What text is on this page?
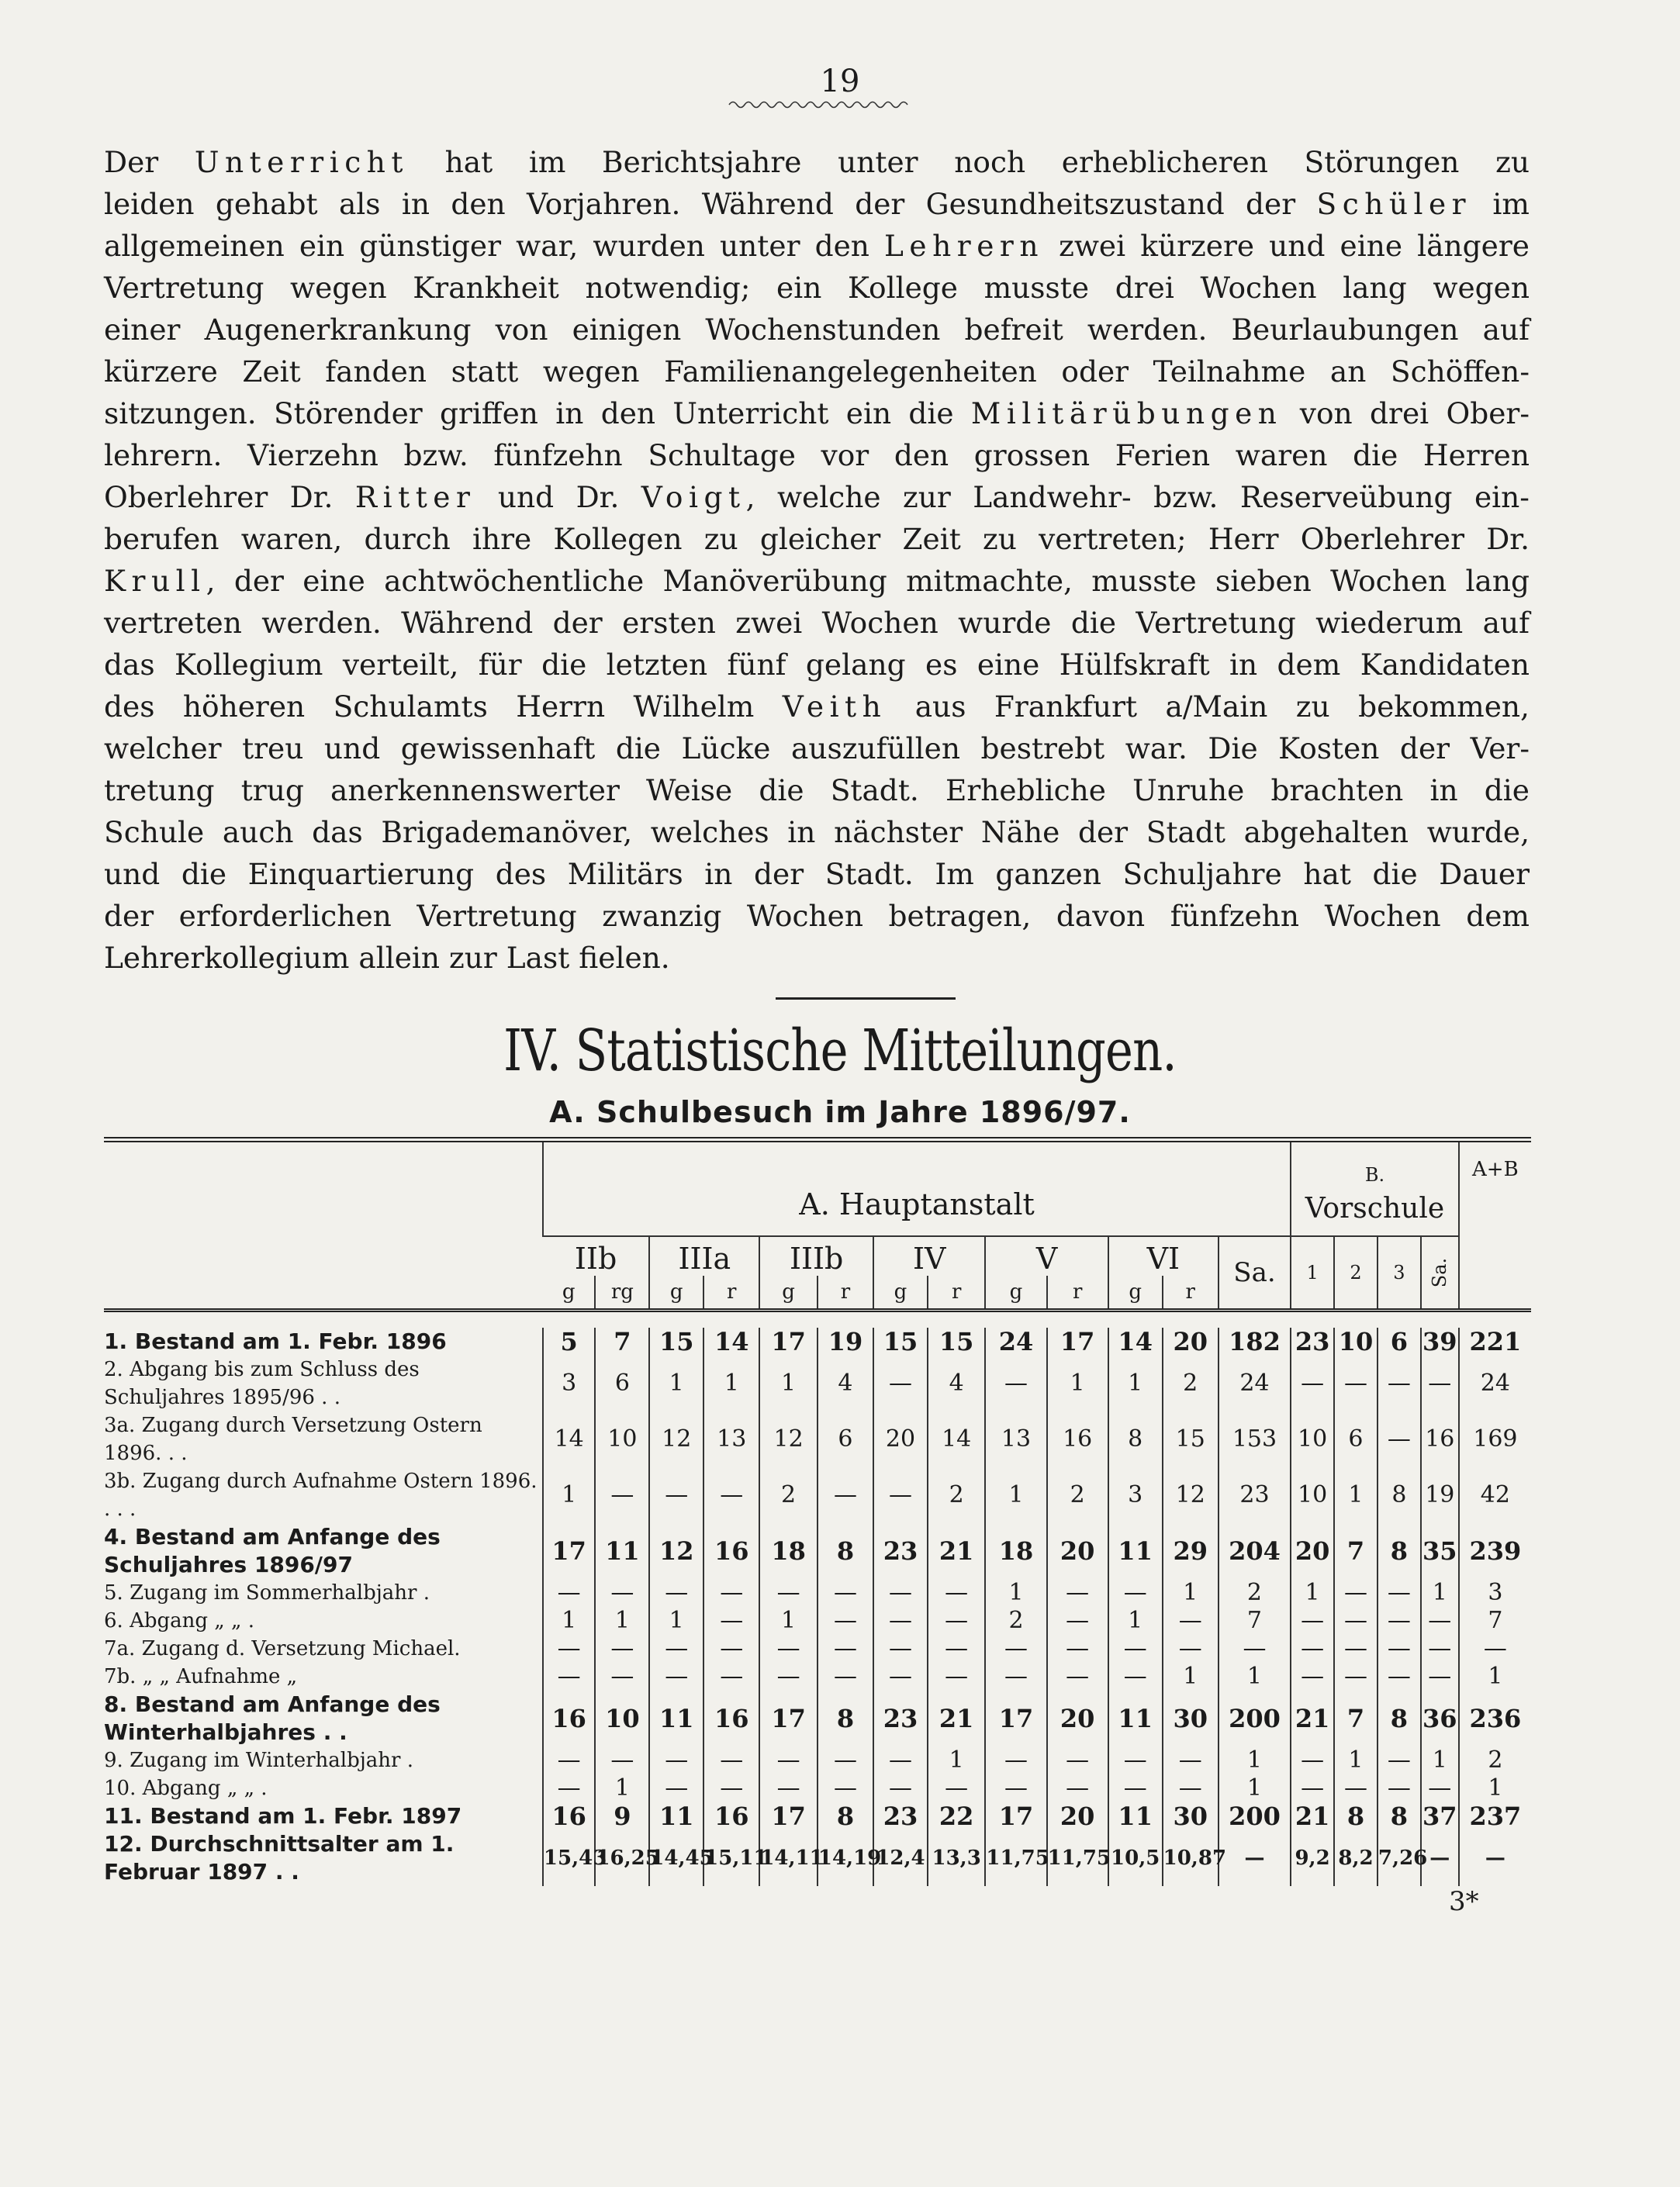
19
Der Unterricht hat im Berichtsjahre unter noch erheblicheren Störungen zu
leiden gehabt als in den Vorjahren. Während der Gesundheitszustand der Schüler im
allgemeinen ein günstiger war, wurden unter den Lehrern zwei kürzere und eine längere
Vertretung wegen Krankheit notwendig; ein Kollege musste drei Wochen lang wegen
einer Augenerkrankung von einigen Wochenstunden befreit werden. Beurlaubungen auf
kürzere Zeit fanden statt wegen Familienangelegenheiten oder Teilnahme an Schöffen-
sitzungen. Störender griffen in den Unterricht ein die Militärübungen von drei Ober-
lehrern. Vierzehn bzw. fünfzehn Schultage vor den grossen Ferien waren die Herren
Oberlehrer Dr. Ritter und Dr. Voigt, welche zur Landwehr- bzw. Reserveübung ein-
berufen waren, durch ihre Kollegen zu gleicher Zeit zu vertreten; Herr Oberlehrer Dr.
Krull, der eine achtwöchentliche Manöverübung mitmachte, musste sieben Wochen lang
vertreten werden. Während der ersten zwei Wochen wurde die Vertretung wiederum auf
das Kollegium verteilt, für die letzten fünf gelang es eine Hülfskraft in dem Kandidaten
des höheren Schulamts Herrn Wilhelm Veith aus Frankfurt a/Main zu bekommen,
welcher treu und gewissenhaft die Lücke auszufüllen bestrebt war. Die Kosten der Ver-
tretung trug anerkennenswerter Weise die Stadt. Erhebliche Unruhe brachten in die
Schule auch das Brigademanöver, welches in nächster Nähe der Stadt abgehalten wurde,
und die Einquartierung des Militärs in der Stadt. Im ganzen Schuljahre hat die Dauer
der erforderlichen Vertretung zwanzig Wochen betragen, davon fünfzehn Wochen dem
Lehrerkollegium allein zur Last fielen.
IV. Statistische Mitteilungen.
A. Schulbesuch im Jahre 1896/97.
	A. Hauptanstalt													B.
Vorschule				A+B
	IIb		IIIa		IIIb		IV		V		VI		Sa.	1	2	3	Sa.	
	g	rg	g	r	g	r	g	r	g	r	g	r						

1. Bestand am 1. Febr. 1896	5	7	15	14	17	19	15	15	24	17	14	20	182	23	10	6	39	221
2. Abgang bis zum Schluss des Schuljahres 1895/96 . .	3	6	1	1	1	4	—	4	—	1	1	2	24	—	—	—	—	24
3a. Zugang durch Versetzung Ostern 1896. . .	14	10	12	13	12	6	20	14	13	16	8	15	153	10	6	—	16	169
3b. Zugang durch Aufnahme Ostern 1896. . . .	1	—	—	—	2	—	—	2	1	2	3	12	23	10	1	8	19	42
4. Bestand am Anfange des Schuljahres 1896/97	17	11	12	16	18	8	23	21	18	20	11	29	204	20	7	8	35	239
5. Zugang im Sommerhalbjahr .	—	—	—	—	—	—	—	—	1	—	—	1	2	1	—	—	1	3
6. Abgang „ „ .	1	1	1	—	1	—	—	—	2	—	1	—	7	—	—	—	—	7
7a. Zugang d. Versetzung Michael.	—	—	—	—	—	—	—	—	—	—	—	—	—	—	—	—	—	—
7b. „ „ Aufnahme „	—	—	—	—	—	—	—	—	—	—	—	1	1	—	—	—	—	1
8. Bestand am Anfange des Winterhalbjahres . .	16	10	11	16	17	8	23	21	17	20	11	30	200	21	7	8	36	236
9. Zugang im Winterhalbjahr .	—	—	—	—	—	—	—	1	—	—	—	—	1	—	1	—	1	2
10. Abgang „ „ .	—	1	—	—	—	—	—	—	—	—	—	—	1	—	—	—	—	1
11. Bestand am 1. Febr. 1897	16	9	11	16	17	8	23	22	17	20	11	30	200	21	8	8	37	237
12. Durchschnittsalter am 1. Februar 1897 . .	15,43	16,25	14,45	15,11	14,11	14,19	12,4	13,3	11,75	11,75	10,5	10,87	—	9,2	8,2	7,26	—	—
3*
